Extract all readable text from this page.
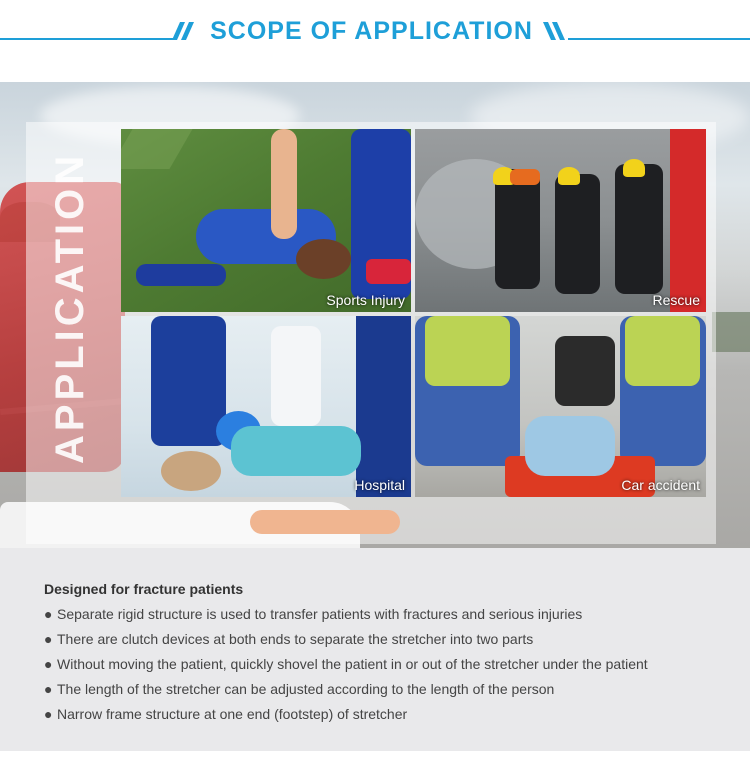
SCOPE OF APPLICATION
APPLICATION	Sports Injury	Rescue
Hospital	Car accident
Designed for fracture patients
● Separate rigid structure is used to transfer patients with fractures and serious injuries
● There are clutch devices at both ends to separate the stretcher into two parts
● Without moving the patient, quickly shovel the patient in or out of the stretcher under the patient
● The length of the stretcher can be adjusted according to the length of the person
● Narrow frame structure at one end (footstep) of stretcher
